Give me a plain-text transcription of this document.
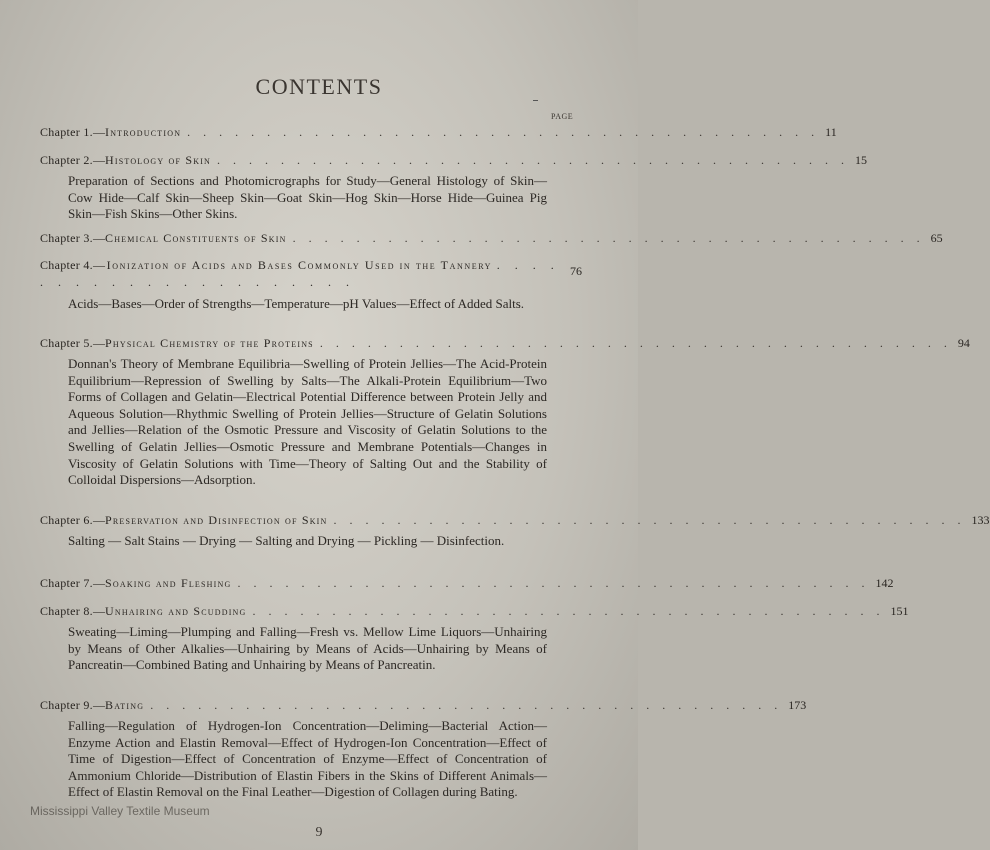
CONTENTS
PAGE
Chapter 1. — Introduction . . . . . . . . . . . . . . . . . . . . . . . . . . . . . . . . . . . . . . . . 11
Chapter 2. — Histology of Skin . . . . . . . . . . . . . . . . . . . . . . . . . . . . . . . . . . . . . . . . 15
Preparation of Sections and Photomicrographs for Study—General Histology of Skin—Cow Hide—Calf Skin—Sheep Skin—Goat Skin—Hog Skin—Horse Hide—Guinea Pig Skin—Fish Skins—Other Skins.
Chapter 3. — Chemical Constituents of Skin . . . . . . . . . . . . . . . . . . . . . . . . . . . . . . . . . . . . . . . . 65
Chapter 4.—Ionization of Acids and Bases Commonly Used in the Tannery . . . . . . . . . . . . . . . . . . . . . .
76
Acids—Bases—Order of Strengths—Temperature—pH Values—Effect of Added Salts.
Chapter 5. — Physical Chemistry of the Proteins . . . . . . . . . . . . . . . . . . . . . . . . . . . . . . . . . . . . . . . . 94
Donnan's Theory of Membrane Equilibria—Swelling of Protein Jellies—The Acid-Protein Equilibrium—Repression of Swelling by Salts—The Alkali-Protein Equilibrium—Two Forms of Collagen and Gelatin—Electrical Potential Difference between Protein Jelly and Aqueous Solution—Rhythmic Swelling of Protein Jellies—Structure of Gelatin Solutions and Jellies—Relation of the Osmotic Pressure and Viscosity of Gelatin Solutions to the Swelling of Gelatin Jellies—Osmotic Pressure and Membrane Potentials—Changes in Viscosity of Gelatin Solutions with Time—Theory of Salting Out and the Stability of Colloidal Dispersions—Adsorption.
Chapter 6. — Preservation and Disinfection of Skin . . . . . . . . . . . . . . . . . . . . . . . . . . . . . . . . . . . . . . . . 133
Salting — Salt Stains — Drying — Salting and Drying — Pickling — Disinfection.
Chapter 7. — Soaking and Fleshing . . . . . . . . . . . . . . . . . . . . . . . . . . . . . . . . . . . . . . . . 142
Chapter 8. — Unhairing and Scudding . . . . . . . . . . . . . . . . . . . . . . . . . . . . . . . . . . . . . . . . 151
Sweating—Liming—Plumping and Falling—Fresh vs. Mellow Lime Liquors—Unhairing by Means of Other Alkalies—Unhairing by Means of Acids—Unhairing by Means of Pancreatin—Combined Bating and Unhairing by Means of Pancreatin.
Chapter 9. — Bating . . . . . . . . . . . . . . . . . . . . . . . . . . . . . . . . . . . . . . . . 173
Falling—Regulation of Hydrogen-Ion Concentration—Deliming—Bacterial Action—Enzyme Action and Elastin Removal—Effect of Hydrogen-Ion Concentration—Effect of Time of Digestion—Effect of Concentration of Enzyme—Effect of Concentration of Ammonium Chloride—Distribution of Elastin Fibers in the Skins of Different Animals—Effect of Elastin Removal on the Final Leather—Digestion of Collagen during Bating.
Mississippi Valley Textile Museum
9
